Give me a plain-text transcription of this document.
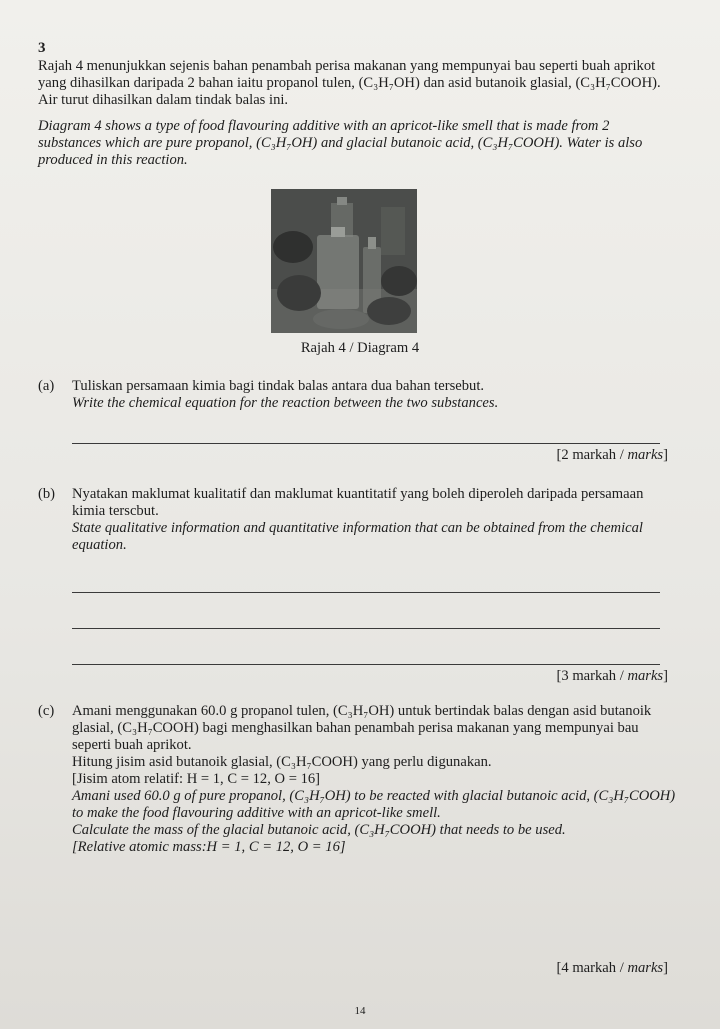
3
Rajah 4 menunjukkan sejenis bahan penambah perisa makanan yang mempunyai bau seperti buah aprikot yang dihasilkan daripada 2 bahan iaitu propanol tulen, (C₃H₇OH) dan asid butanoik glasial, (C₃H₇COOH). Air turut dihasilkan dalam tindak balas ini.
Diagram 4 shows a type of food flavouring additive with an apricot-like smell that is made from 2 substances which are pure propanol, (C₃H₇OH) and glacial butanoic acid, (C₃H₇COOH). Water is also produced in this reaction.
Rajah 4 / Diagram 4
(a) Tuliskan persamaan kimia bagi tindak balas antara dua bahan tersebut.
Write the chemical equation for the reaction between the two substances.
[2 markah / marks]
(b) Nyatakan maklumat kualitatif dan maklumat kuantitatif yang boleh diperoleh daripada persamaan kimia terscbut.
State qualitative information and quantitative information that can be obtained from the chemical equation.
[3 markah / marks]
(c) Amani menggunakan 60.0 g propanol tulen, (C₃H₇OH) untuk bertindak balas dengan asid butanoik glasial, (C₃H₇COOH) bagi menghasilkan bahan penambah perisa makanan yang mempunyai bau seperti buah aprikot.
Hitung jisim asid butanoik glasial, (C₃H₇COOH) yang perlu digunakan.
[Jisim atom relatif: H = 1, C = 12, O = 16]
Amani used 60.0 g of pure propanol, (C₃H₇OH) to be reacted with glacial butanoic acid, (C₃H₇COOH) to make the food flavouring additive with an apricot-like smell.
Calculate the mass of the glacial butanoic acid, (C₃H₇COOH) that needs to be used.
[Relative atomic mass:H = 1, C = 12, O = 16]
[4 markah / marks]
14
